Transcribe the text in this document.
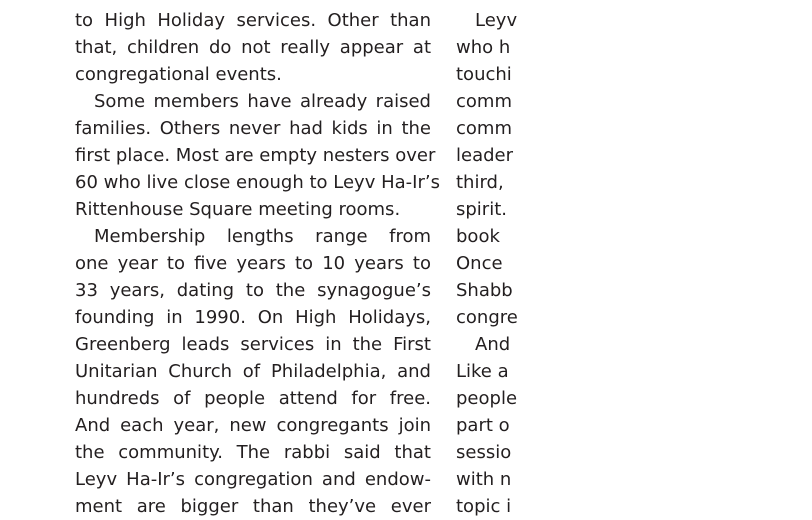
to High Holiday services. Other than
that, children do not really appear at
congregational events.
Some members have already raised
families. Others never had kids in the
first place. Most are empty nesters over
60 who live close enough to Leyv Ha-Ir’s
Rittenhouse Square meeting rooms.
Membership lengths range from
one year to five years to 10 years to
33 years, dating to the synagogue’s
founding in 1990. On High Holidays,
Greenberg leads services in the First
Unitarian Church of Philadelphia, and
hundreds of people attend for free.
And each year, new congregants join
the community. The rabbi said that
Leyv Ha-Ir’s congregation and endow-
ment are bigger than they’ve ever
Leyv
who h
touchi
comm
comm
leader
third,
spirit.
book
Once
Shabb
congre
And
Like a
people
part o
sessio
with n
topic i
